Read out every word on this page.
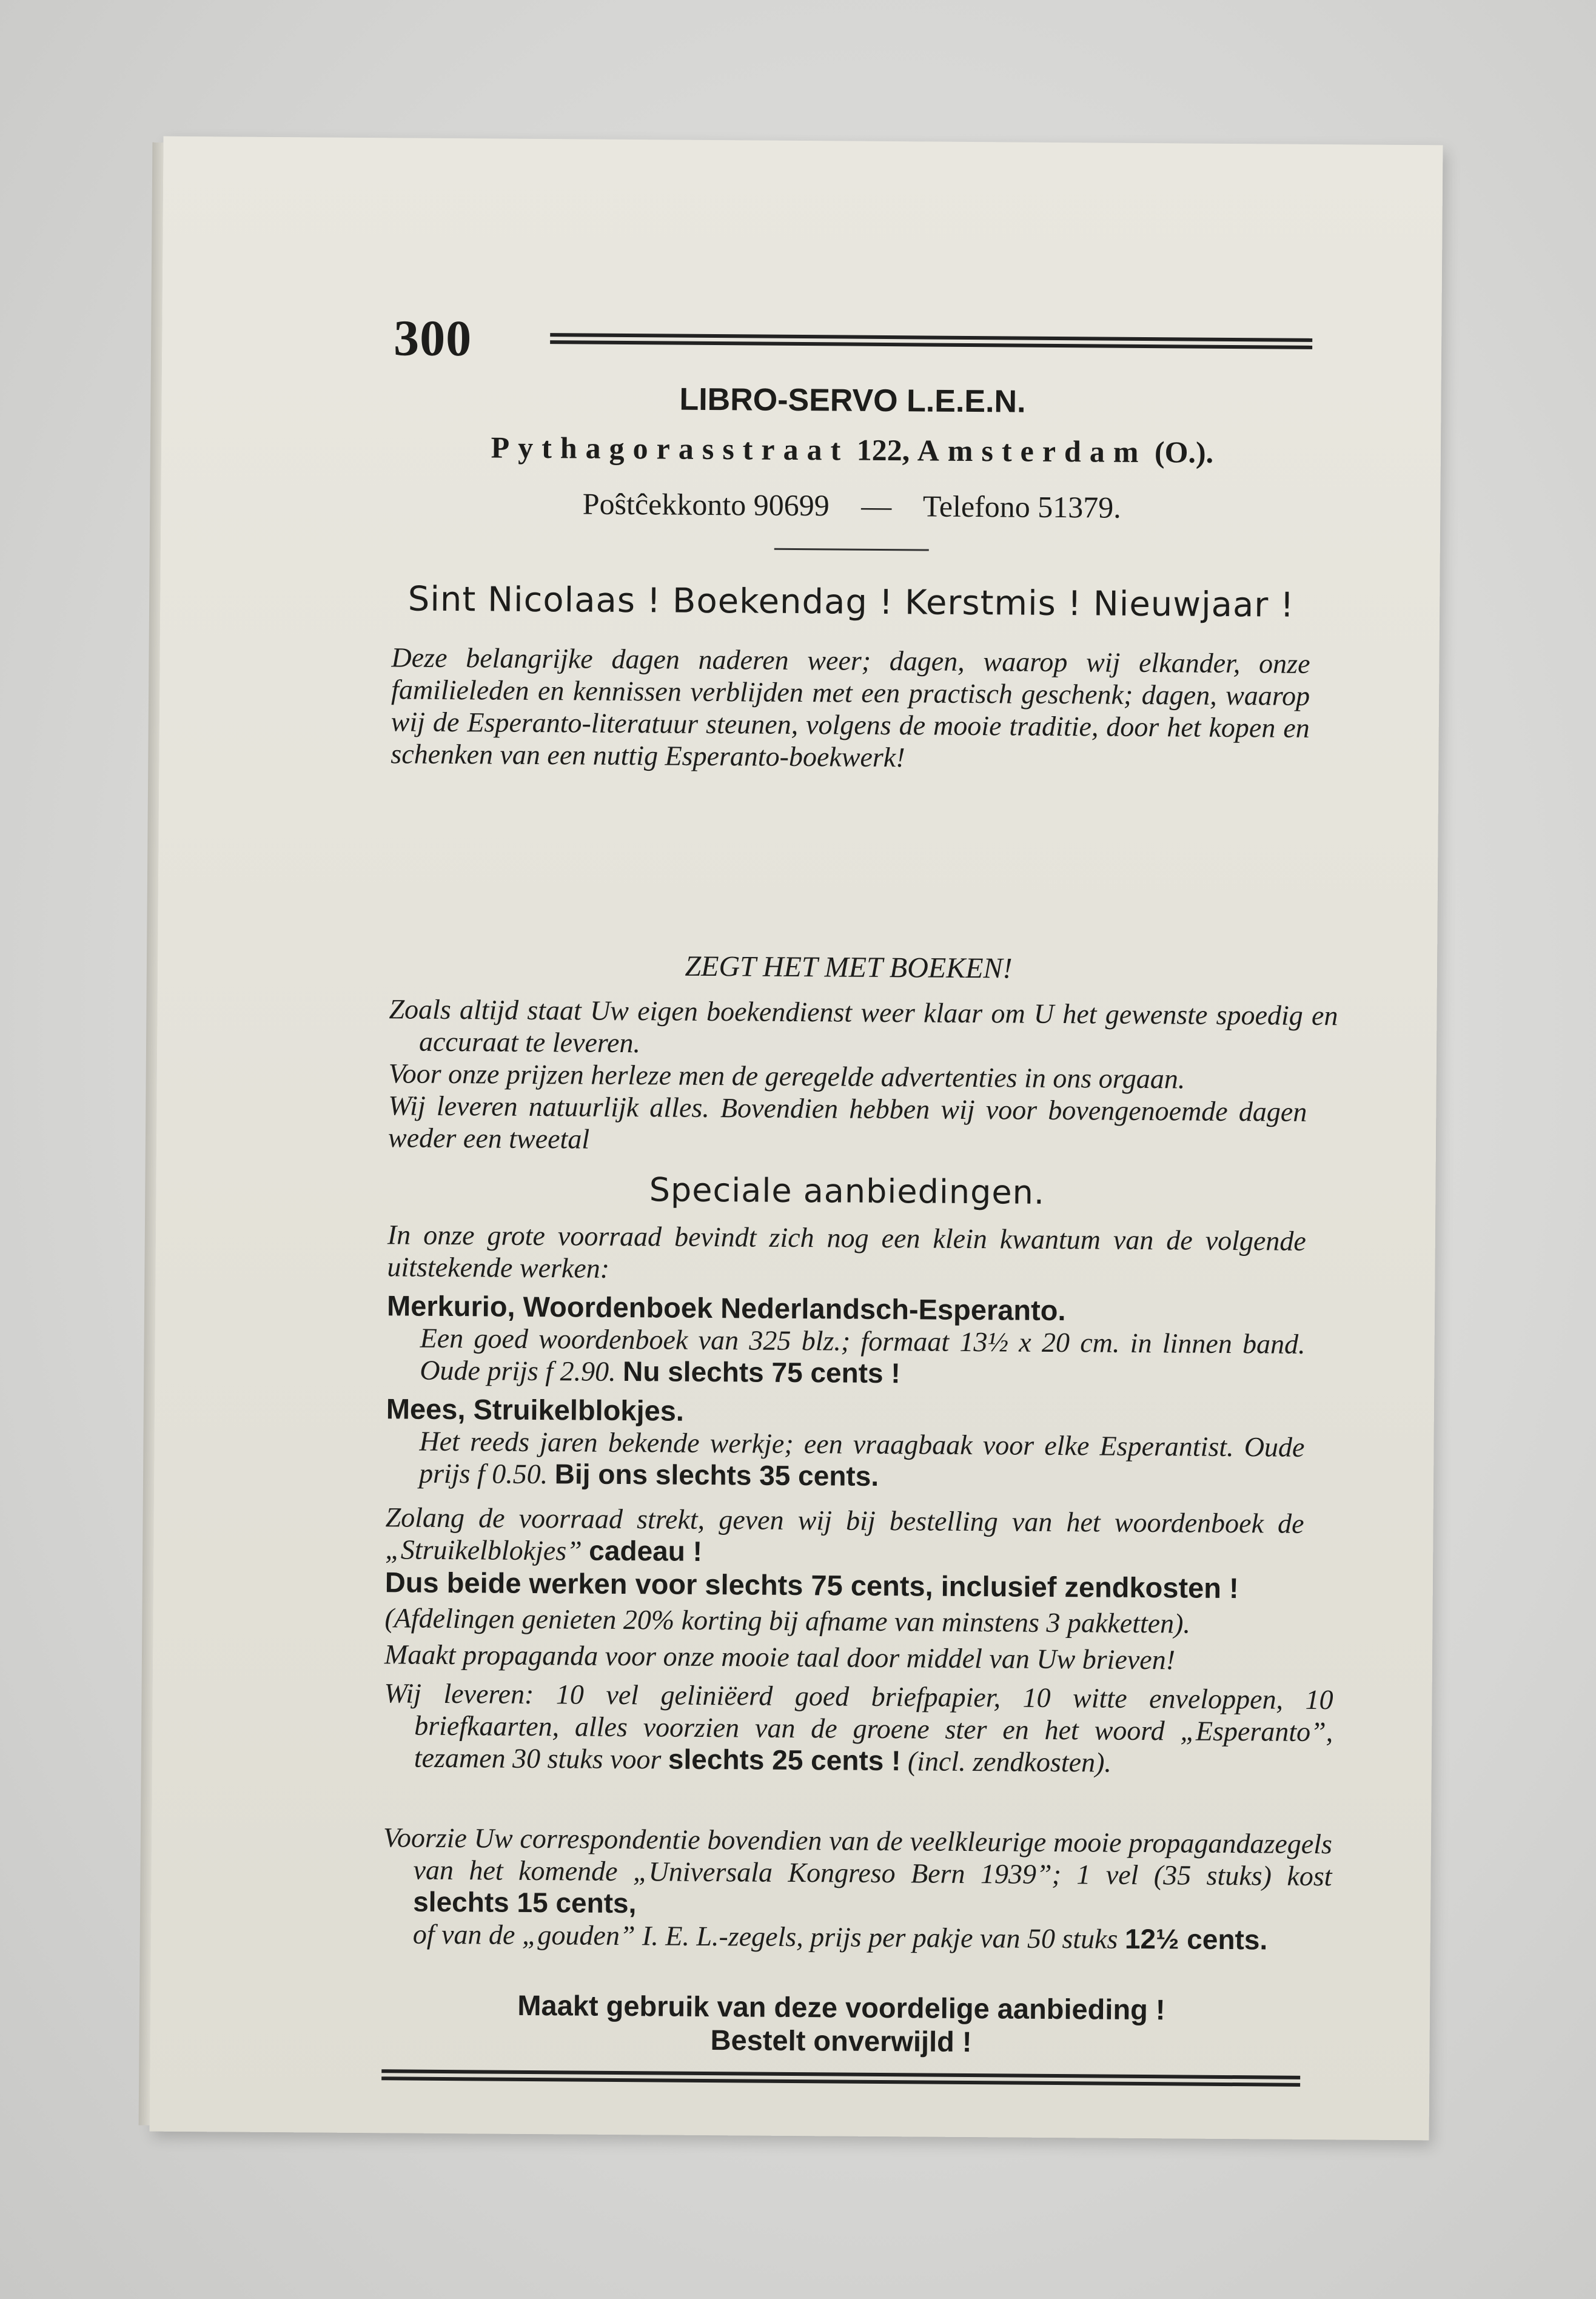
300
LIBRO-SERVO L.E.E.N.
Pythagorasstraat 122, Amsterdam (O.).
Poŝtĉekkonto 90699 — Telefono 51379.
Sint Nicolaas ! Boekendag ! Kerstmis ! Nieuwjaar !
Deze belangrijke dagen naderen weer; dagen, waarop wij elkander, onze familieleden en kennissen verblijden met een practisch geschenk; dagen, waarop wij de Esperanto-literatuur steunen, volgens de mooie traditie, door het kopen en schenken van een nuttig Esperanto-boekwerk!
ZEGT HET MET BOEKEN!
Zoals altijd staat Uw eigen boekendienst weer klaar om U het gewenste spoedig en accuraat te leveren.
Voor onze prijzen herleze men de geregelde advertenties in ons orgaan.
Wij leveren natuurlijk alles. Bovendien hebben wij voor bovengenoemde dagen weder een tweetal
Speciale aanbiedingen.
In onze grote voorraad bevindt zich nog een klein kwantum van de volgende uitstekende werken:
Merkurio, Woordenboek Nederlandsch-Esperanto.
Een goed woordenboek van 325 blz.; formaat 13½ x 20 cm. in linnen band. Oude prijs f 2.90. Nu slechts 75 cents !
Mees, Struikelblokjes.
Het reeds jaren bekende werkje; een vraagbaak voor elke Esperantist. Oude prijs f 0.50. Bij ons slechts 35 cents.
Zolang de voorraad strekt, geven wij bij bestelling van het woordenboek de „Struikelblokjes” cadeau !
Dus beide werken voor slechts 75 cents, inclusief zendkosten !
(Afdelingen genieten 20% korting bij afname van minstens 3 pakketten).
Maakt propaganda voor onze mooie taal door middel van Uw brieven!
Wij leveren: 10 vel geliniëerd goed briefpapier, 10 witte enveloppen, 10 briefkaarten, alles voorzien van de groene ster en het woord „Esperanto”, tezamen 30 stuks voor slechts 25 cents ! (incl. zendkosten).
Voorzie Uw correspondentie bovendien van de veelkleurige mooie propagandazegels van het komende „Universala Kongreso Bern 1939”; 1 vel (35 stuks) kost slechts 15 cents,
of van de „gouden” I. E. L.-zegels, prijs per pakje van 50 stuks 12½ cents.
Maakt gebruik van deze voordelige aanbieding !
Bestelt onverwijld !
